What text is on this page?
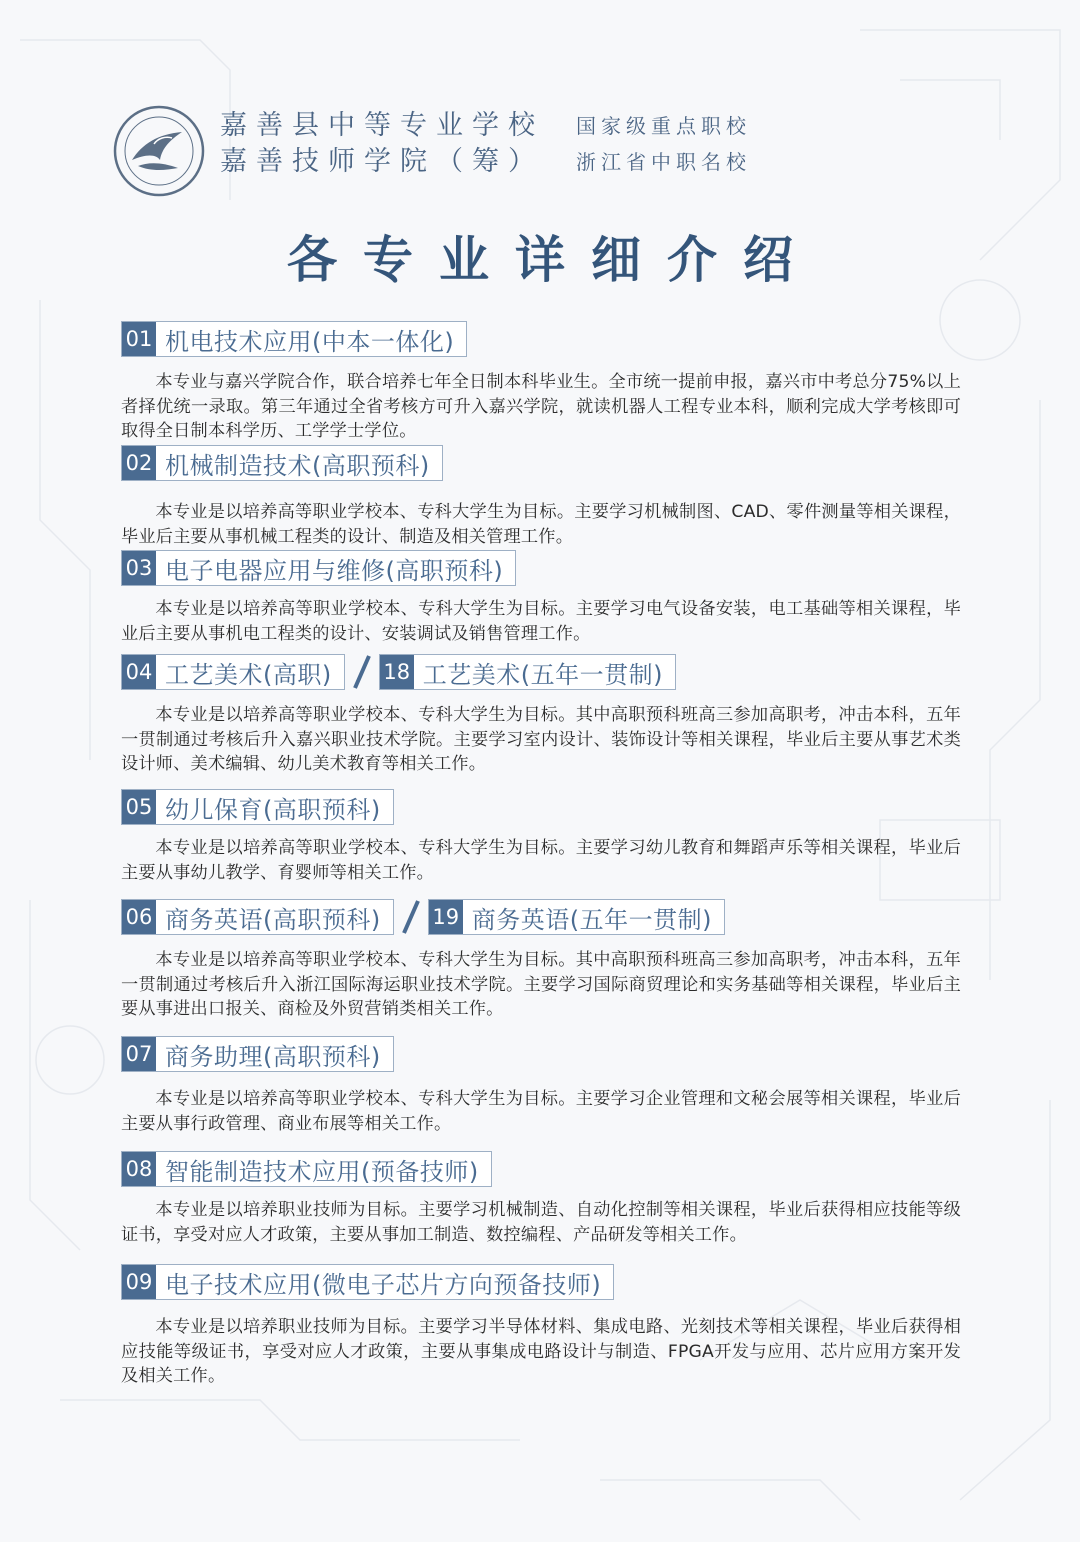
嘉善县中等专业学校
嘉善技师学院（筹）
国家级重点职校
浙江省中职名校
各专业详细介绍
01 机电技术应用(中本一体化)

本专业与嘉兴学院合作，联合培养七年全日制本科毕业生。全市统一提前申报，嘉兴市中考总分75%以上者择优统一录取。第三年通过全省考核方可升入嘉兴学院，就读机器人工程专业本科，顺利完成大学考核即可取得全日制本科学历、工学学士学位。

02 机械制造技术(高职预科)

本专业是以培养高等职业学校本、专科大学生为目标。主要学习机械制图、CAD、零件测量等相关课程，毕业后主要从事机械工程类的设计、制造及相关管理工作。

03 电子电器应用与维修(高职预科)

本专业是以培养高等职业学校本、专科大学生为目标。主要学习电气设备安装，电工基础等相关课程，毕业后主要从事机电工程类的设计、安装调试及销售管理工作。

04 工艺美术(高职)	18 工艺美术(五年一贯制)

本专业是以培养高等职业学校本、专科大学生为目标。其中高职预科班高三参加高职考，冲击本科，五年一贯制通过考核后升入嘉兴职业技术学院。主要学习室内设计、装饰设计等相关课程，毕业后主要从事艺术类设计师、美术编辑、幼儿美术教育等相关工作。

05 幼儿保育(高职预科)

本专业是以培养高等职业学校本、专科大学生为目标。主要学习幼儿教育和舞蹈声乐等相关课程，毕业后主要从事幼儿教学、育婴师等相关工作。

06 商务英语(高职预科)	19 商务英语(五年一贯制)

本专业是以培养高等职业学校本、专科大学生为目标。其中高职预科班高三参加高职考，冲击本科，五年一贯制通过考核后升入浙江国际海运职业技术学院。主要学习国际商贸理论和实务基础等相关课程，毕业后主要从事进出口报关、商检及外贸营销类相关工作。

07 商务助理(高职预科)

本专业是以培养高等职业学校本、专科大学生为目标。主要学习企业管理和文秘会展等相关课程，毕业后主要从事行政管理、商业布展等相关工作。

08 智能制造技术应用(预备技师)

本专业是以培养职业技师为目标。主要学习机械制造、自动化控制等相关课程，毕业后获得相应技能等级证书，享受对应人才政策，主要从事加工制造、数控编程、产品研发等相关工作。

09 电子技术应用(微电子芯片方向预备技师)

本专业是以培养职业技师为目标。主要学习半导体材料、集成电路、光刻技术等相关课程，毕业后获得相应技能等级证书，享受对应人才政策，主要从事集成电路设计与制造、FPGA开发与应用、芯片应用方案开发及相关工作。
